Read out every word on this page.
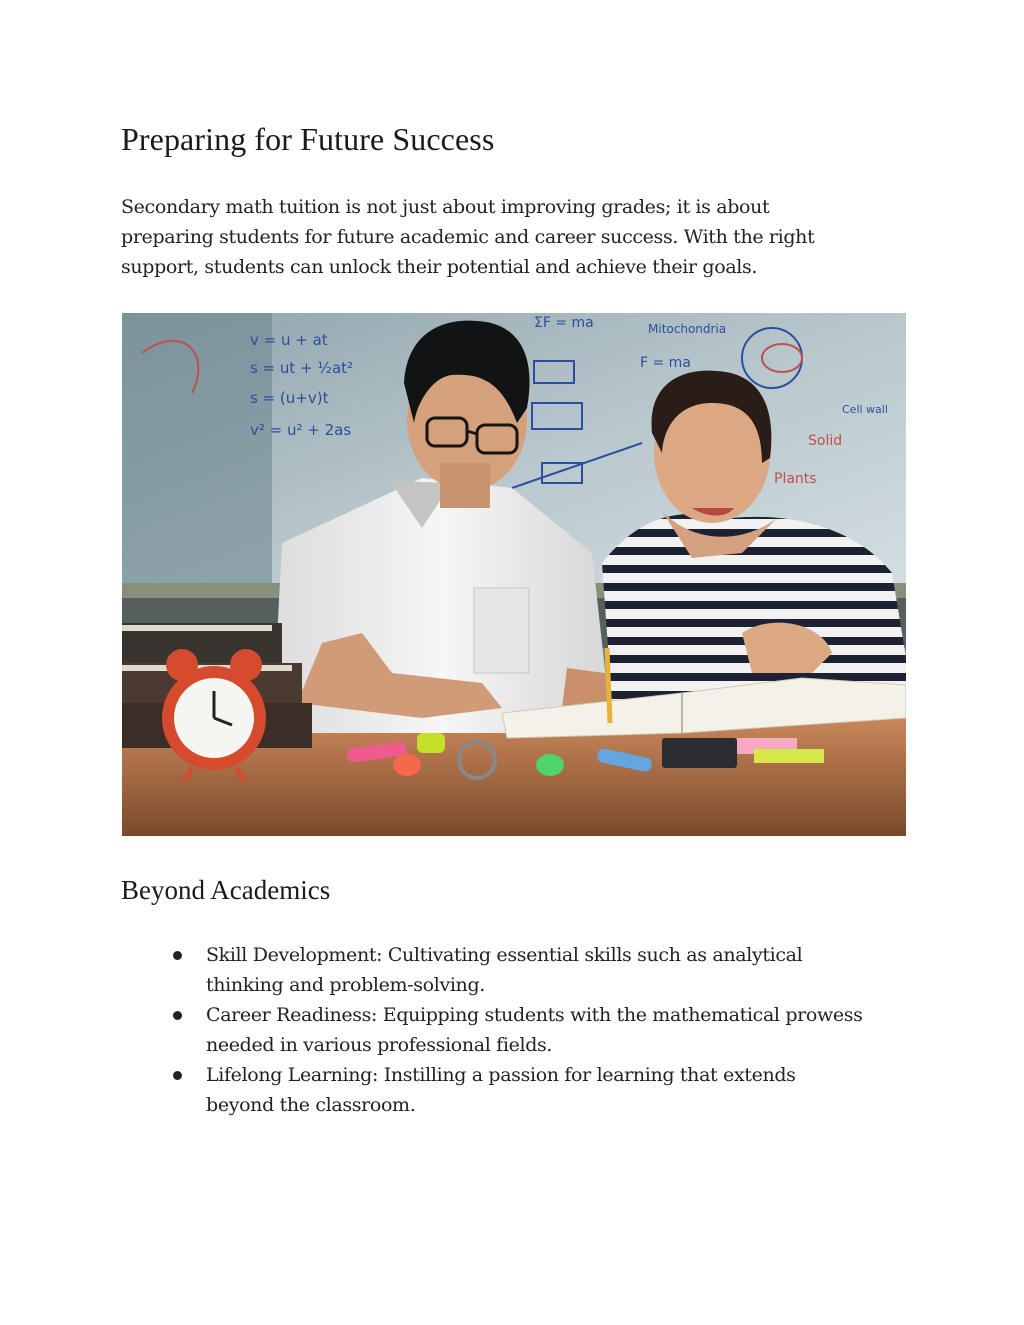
Preparing for Future Success

Secondary math tuition is not just about improving grades; it is about
preparing students for future academic and career success. With the right
support, students can unlock their potential and achieve their goals.

v = u + at
s = ut + ½at²
s = (u+v)t
v² = u² + 2as
ΣF = ma
F = ma
Mitochondria
Solid
Plants
Cell wall
Beyond Academics
Skill Development: Cultivating essential skills such as analytical
thinking and problem-solving.
Career Readiness: Equipping students with the mathematical prowess
needed in various professional fields.
Lifelong Learning: Instilling a passion for learning that extends
beyond the classroom.
